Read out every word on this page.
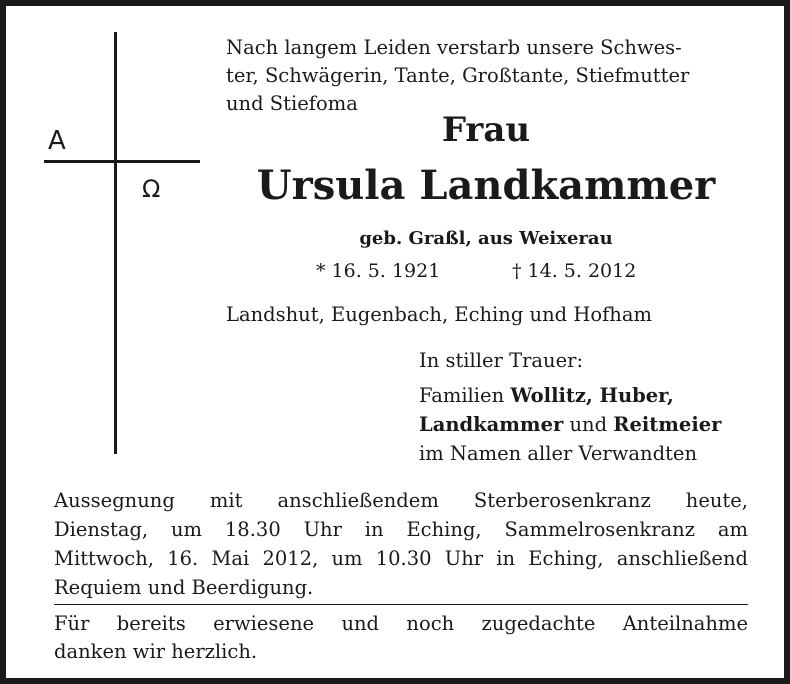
A
Ω
Nach langem Leiden verstarb unsere Schwes-
ter, Schwägerin, Tante, Großtante, Stiefmutter
und Stiefoma
Frau
Ursula Landkammer
geb. Graßl, aus Weixerau
* 16. 5. 1921	† 14. 5. 2012
Landshut, Eugenbach, Eching und Hofham
In stiller Trauer:
Familien Wollitz, Huber,
Landkammer und Reitmeier
im Namen aller Verwandten
Aussegnung mit anschließendem Sterberosenkranz heute,
Dienstag, um 18.30 Uhr in Eching, Sammelrosenkranz am
Mittwoch, 16. Mai 2012, um 10.30 Uhr in Eching, anschließend
Requiem und Beerdigung.
Für bereits erwiesene und noch zugedachte Anteilnahme
danken wir herzlich.
